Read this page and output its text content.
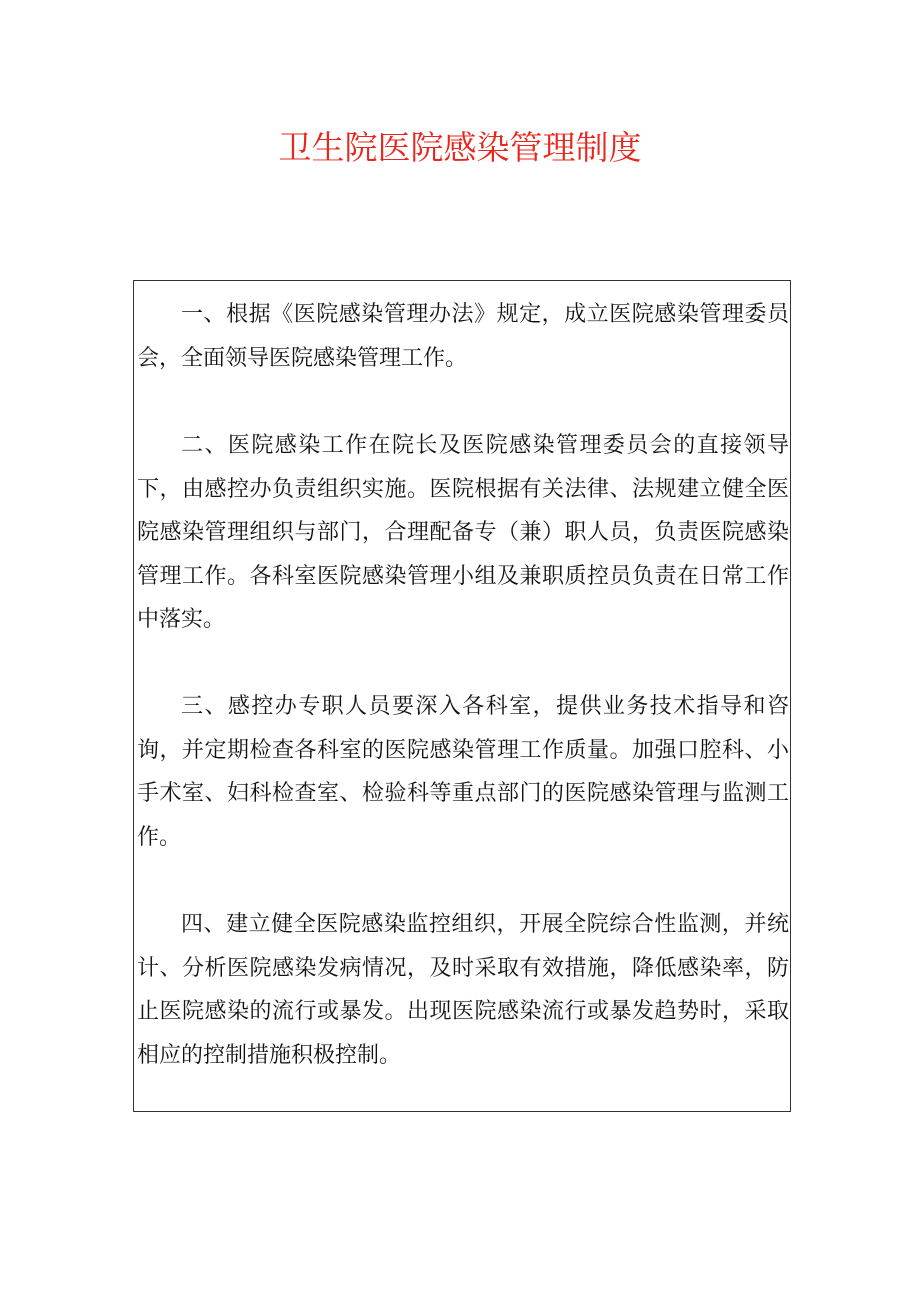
卫生院医院感染管理制度

一、根据《医院感染管理办法》规定，成立医院感染管理委员会，全面领导医院感染管理工作。

二、医院感染工作在院长及医院感染管理委员会的直接领导下，由感控办负责组织实施。医院根据有关法律、法规建立健全医院感染管理组织与部门，合理配备专（兼）职人员，负责医院感染管理工作。各科室医院感染管理小组及兼职质控员负责在日常工作中落实。

三、感控办专职人员要深入各科室，提供业务技术指导和咨询，并定期检查各科室的医院感染管理工作质量。加强口腔科、小手术室、妇科检查室、检验科等重点部门的医院感染管理与监测工作。

四、建立健全医院感染监控组织，开展全院综合性监测，并统计、分析医院感染发病情况，及时采取有效措施，降低感染率，防止医院感染的流行或暴发。出现医院感染流行或暴发趋势时，采取相应的控制措施积极控制。
